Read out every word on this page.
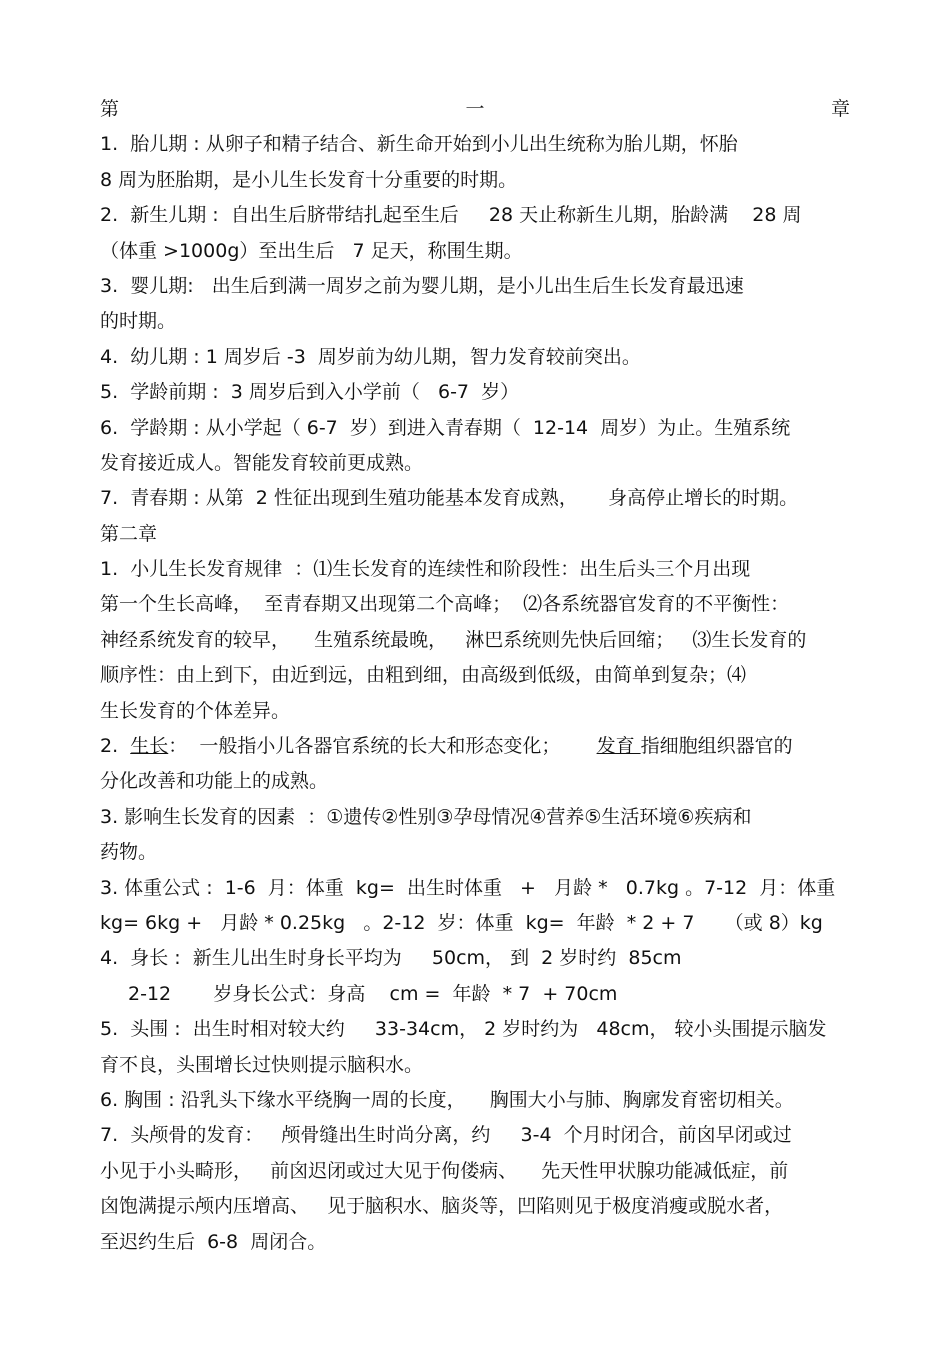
第	一	章
1.  胎儿期 : 从卵子和精子结合、新生命开始到小儿出生统称为胎儿期，怀胎
8 周为胚胎期，是小儿生长发育十分重要的时期。
2.  新生儿期 :  自出生后脐带结扎起至生后     28 天止称新生儿期，胎龄满    28 周
（体重 >1000g）至出生后   7 足天，称围生期。
3.  婴儿期:   出生后到满一周岁之前为婴儿期，是小儿出生后生长发育最迅速
的时期。
4.  幼儿期 : 1 周岁后 -3  周岁前为幼儿期，智力发育较前突出。
5.  学龄前期 :  3 周岁后到入小学前（   6-7  岁）
6.  学龄期 : 从小学起（ 6-7  岁）到进入青春期（  12-14  周岁）为止。生殖系统
发育接近成人。智能发育较前更成熟。
7.  青春期 : 从第  2 性征出现到生殖功能基本发育成熟，     身高停止增长的时期。
第二章
1.  小儿生长发育规律  ：⑴生长发育的连续性和阶段性：出生后头三个月出现
第一个生长高峰，  至青春期又出现第二个高峰；  ⑵各系统器官发育的不平衡性：
神经系统发育的较早，    生殖系统最晚，   淋巴系统则先快后回缩；   ⑶生长发育的
顺序性：由上到下，由近到远，由粗到细，由高级到低级，由简单到复杂；⑷
生长发育的个体差异。
2.  生长：  一般指小儿各器官系统的长大和形态变化；      发育 指细胞组织器官的
分化改善和功能上的成熟。
3. 影响生长发育的因素  ：①遗传②性别③孕母情况④营养⑤生活环境⑥疾病和
药物。
3. 体重公式 :  1-6  月：体重  kg=  出生时体重   +   月龄 *   0.7kg 。7-12  月：体重
kg= 6kg +   月龄 * 0.25kg   。2-12  岁：体重  kg=  年龄  * 2 + 7     （或 8）kg
4.  身长 :  新生儿出生时身长平均为     50cm， 到  2 岁时约  85cm
2-12       岁身长公式：身高    cm =  年龄  * 7  + 70cm
5.  头围 :  出生时相对较大约     33-34cm， 2 岁时约为   48cm， 较小头围提示脑发
育不良，头围增长过快则提示脑积水。
6. 胸围 : 沿乳头下缘水平绕胸一周的长度，    胸围大小与肺、胸廓发育密切相关。
7.  头颅骨的发育：   颅骨缝出生时尚分离，约     3-4  个月时闭合，前囟早闭或过
小见于小头畸形，   前囟迟闭或过大见于佝偻病、    先天性甲状腺功能减低症，前
囟饱满提示颅内压增高、   见于脑积水、脑炎等，凹陷则见于极度消瘦或脱水者，
至迟约生后  6-8  周闭合。
